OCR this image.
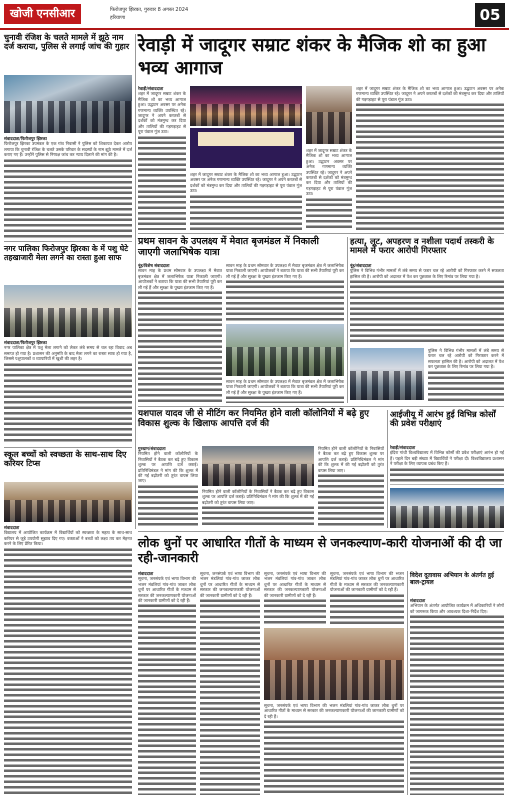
खोजी एनसीआर	फिरोजपुर झिरका, गुरुवार 8 अगस्त 2024
हरियाणा	05
चुनावी रंजिश के चलते मामले में झूठे नाम दर्ज कराया, पुलिस से लगाई जांच की गुहार
संवाददाता/फिरोजपुर झिरका
फिरोजपुर झिरका उपमंडल के एक गांव निवासी ने पुलिस को शिकायत देकर आरोप लगाया कि चुनावी रंजिश के चलते उसके परिवार के सदस्यों के नाम झूठे मामले में दर्ज कराए गए हैं। उन्होंने पुलिस से निष्पक्ष जांच कर न्याय दिलाने की मांग की है।
रेवाड़ी में जादूगर सम्राट शंकर के मैजिक शो का हुआ भव्य आगाज
रेवाड़ी/संवाददाता
शहर में जादूगर सम्राट शंकर के मैजिक शो का भव्य आगाज हुआ। उद्घाटन अवसर पर अनेक गणमान्य व्यक्ति उपस्थित रहे। जादूगर ने अपने करतबों से दर्शकों को मंत्रमुग्ध कर दिया और तालियों की गड़गड़ाहट से पूरा पंडाल गूंज उठा।
शहर में जादूगर सम्राट शंकर के मैजिक शो का भव्य आगाज हुआ। उद्घाटन अवसर पर अनेक गणमान्य व्यक्ति उपस्थित रहे। जादूगर ने अपने करतबों से दर्शकों को मंत्रमुग्ध कर दिया और तालियों की गड़गड़ाहट से पूरा पंडाल गूंज उठा।
शहर में जादूगर सम्राट शंकर के मैजिक शो का भव्य आगाज हुआ। उद्घाटन अवसर पर अनेक गणमान्य व्यक्ति उपस्थित रहे। जादूगर ने अपने करतबों से दर्शकों को मंत्रमुग्ध कर दिया और तालियों की गड़गड़ाहट से पूरा पंडाल गूंज उठा।
शहर में जादूगर सम्राट शंकर के मैजिक शो का भव्य आगाज हुआ। उद्घाटन अवसर पर अनेक गणमान्य व्यक्ति उपस्थित रहे। जादूगर ने अपने करतबों से दर्शकों को मंत्रमुग्ध कर दिया और तालियों की गड़गड़ाहट से पूरा पंडाल गूंज उठा।
नगर पालिका फिरोजपुर झिरका के में पशु घेटे तहखाजारी मेला लगने का रास्ता हुआ साफ
संवाददाता/फिरोजपुर झिरका
नगर पालिका क्षेत्र में पशु मेला लगाने को लेकर लंबे समय से चल रहा विवाद अब समाप्त हो गया है। प्रशासन की अनुमति के बाद मेला लगने का रास्ता साफ हो गया है, जिससे पशुपालकों व व्यापारियों में खुशी की लहर है।
प्रथम सावन के उपलक्ष्य में मेवात बृजमंडल में निकाली जाएगी जलाभिषेक यात्रा
नूंह/विशेष संवाददाता
सावन माह के प्रथम सोमवार के उपलक्ष्य में मेवात बृजमंडल क्षेत्र में जलाभिषेक यात्रा निकाली जाएगी। आयोजकों ने बताया कि यात्रा की सभी तैयारियां पूरी कर ली गई हैं और सुरक्षा के पुख्ता इंतजाम किए गए हैं।
सावन माह के प्रथम सोमवार के उपलक्ष्य में मेवात बृजमंडल क्षेत्र में जलाभिषेक यात्रा निकाली जाएगी। आयोजकों ने बताया कि यात्रा की सभी तैयारियां पूरी कर ली गई हैं और सुरक्षा के पुख्ता इंतजाम किए गए हैं।
सावन माह के प्रथम सोमवार के उपलक्ष्य में मेवात बृजमंडल क्षेत्र में जलाभिषेक यात्रा निकाली जाएगी। आयोजकों ने बताया कि यात्रा की सभी तैयारियां पूरी कर ली गई हैं और सुरक्षा के पुख्ता इंतजाम किए गए हैं।
हत्या, लूट, अपहरण व नशीला पदार्थ तस्करी के मामले में फरार आरोपी गिरफ्तार
नूंह/संवाददाता
पुलिस ने विभिन्न गंभीर मामलों में लंबे समय से फरार चल रहे आरोपी को गिरफ्तार करने में सफलता हासिल की है। आरोपी को अदालत में पेश कर पूछताछ के लिए रिमांड पर लिया गया है।
पुलिस ने विभिन्न गंभीर मामलों में लंबे समय से फरार चल रहे आरोपी को गिरफ्तार करने में सफलता हासिल की है। आरोपी को अदालत में पेश कर पूछताछ के लिए रिमांड पर लिया गया है।
यशपाल यादव जी से मीटिंग कर नियमित होने वाली कॉलोनियों में बढ़े हुए विकास शुल्क के खिलाफ आपत्ति दर्ज की
गुरुग्राम/संवाददाता
नियमित होने वाली कॉलोनियों के निवासियों ने बैठक कर बढ़े हुए विकास शुल्क पर आपत्ति दर्ज कराई। प्रतिनिधिमंडल ने मांग की कि शुल्क में की गई बढ़ोतरी को तुरंत वापस लिया जाए।
नियमित होने वाली कॉलोनियों के निवासियों ने बैठक कर बढ़े हुए विकास शुल्क पर आपत्ति दर्ज कराई। प्रतिनिधिमंडल ने मांग की कि शुल्क में की गई बढ़ोतरी को तुरंत वापस लिया जाए।
नियमित होने वाली कॉलोनियों के निवासियों ने बैठक कर बढ़े हुए विकास शुल्क पर आपत्ति दर्ज कराई। प्रतिनिधिमंडल ने मांग की कि शुल्क में की गई बढ़ोतरी को तुरंत वापस लिया जाए।
आईजीयू में आरंभ हुई विभिन्न कोर्सों की प्रवेश परीक्षाएं
रेवाड़ी/संवाददाता
इंदिरा गांधी विश्वविद्यालय में विभिन्न कोर्सों की प्रवेश परीक्षाएं आरंभ हो गई हैं। पहले दिन बड़ी संख्या में विद्यार्थियों ने परीक्षा दी। विश्वविद्यालय प्रशासन ने परीक्षा के लिए व्यापक प्रबंध किए हैं।
स्कूल बच्चों को स्वच्छता के साथ-साथ दिए करियर टिप्स
संवाददाता
विद्यालय में आयोजित कार्यक्रम में विद्यार्थियों को स्वच्छता के महत्व के साथ-साथ करियर से जुड़े उपयोगी सुझाव दिए गए। वक्ताओं ने बच्चों को लक्ष्य तय कर मेहनत करने के लिए प्रेरित किया।	लोक धुनों पर आधारित गीतों के माध्यम से जनकल्याण-कारी योजनाओं की दी जा रही-जानकारी
संवाददाता
सूचना, जनसंपर्क एवं भाषा विभाग की भजन मंडलियां गांव-गांव जाकर लोक धुनों पर आधारित गीतों के माध्यम से सरकार की जनकल्याणकारी योजनाओं की जानकारी ग्रामीणों को दे रही हैं।
सूचना, जनसंपर्क एवं भाषा विभाग की भजन मंडलियां गांव-गांव जाकर लोक धुनों पर आधारित गीतों के माध्यम से सरकार की जनकल्याणकारी योजनाओं की जानकारी ग्रामीणों को दे रही हैं।
सूचना, जनसंपर्क एवं भाषा विभाग की भजन मंडलियां गांव-गांव जाकर लोक धुनों पर आधारित गीतों के माध्यम से सरकार की जनकल्याणकारी योजनाओं की जानकारी ग्रामीणों को दे रही हैं।
सूचना, जनसंपर्क एवं भाषा विभाग की भजन मंडलियां गांव-गांव जाकर लोक धुनों पर आधारित गीतों के माध्यम से सरकार की जनकल्याणकारी योजनाओं की जानकारी ग्रामीणों को दे रही हैं।
सूचना, जनसंपर्क एवं भाषा विभाग की भजन मंडलियां गांव-गांव जाकर लोक धुनों पर आधारित गीतों के माध्यम से सरकार की जनकल्याणकारी योजनाओं की जानकारी ग्रामीणों को दे रही हैं।
विदेश दूतावास अभियान के अंतर्गत हुई बाल-ट्रायल
संवाददाता
अभियान के अंतर्गत आयोजित कार्यक्रम में अधिकारियों ने लोगों को जागरूक किया और आवश्यक दिशा-निर्देश दिए।
